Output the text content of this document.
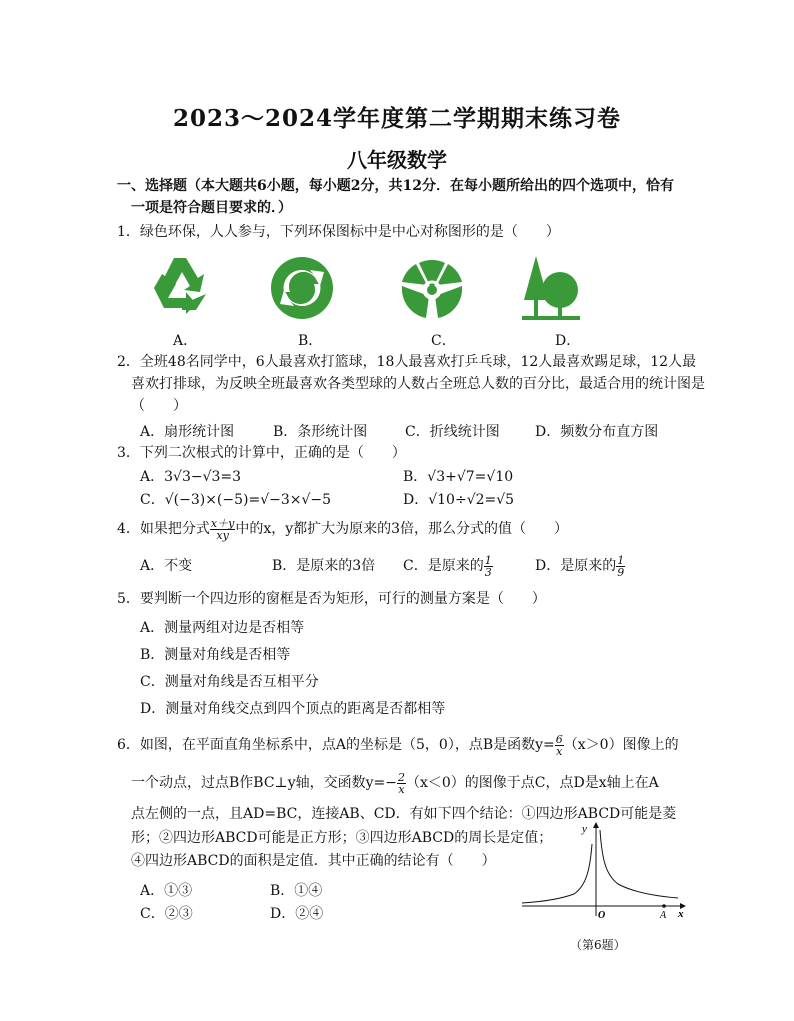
2023～2024学年度第二学期期末练习卷
八年级数学
一、选择题（本大题共6小题，每小题2分，共12分．在每小题所给出的四个选项中，恰有
一项是符合题目要求的．）
1．绿色环保，人人参与，下列环保图标中是中心对称图形的是（　　）
A．	B．	C．	D．
2．全班48名同学中，6人最喜欢打篮球，18人最喜欢打乒乓球，12人最喜欢踢足球，12人最
喜欢打排球，为反映全班最喜欢各类型球的人数占全班总人数的百分比，最适合用的统计图是
（　　）
A．扇形统计图	B．条形统计图	C．折线统计图	D．频数分布直方图
3．下列二次根式的计算中，正确的是（　　）
A．3√3−√3=3	B．√3+√7=√10
C．√(−3)×(−5)=√−3×√−5	D．√10÷√2=√5
4．如果把分式 $\frac{x+y}{xy}$ 中的x，y都扩大为原来的3倍，那么分式的值（　　）
A．不变	B．是原来的3倍 C．是原来的 $\frac{1}{3}$	D．是原来的 $\frac{1}{9}$
5．要判断一个四边形的窗框是否为矩形，可行的测量方案是（　　）
A．测量两组对边是否相等
B．测量对角线是否相等
C．测量对角线是否互相平分
D．测量对角线交点到四个顶点的距离是否都相等
6．如图，在平面直角坐标系中，点A的坐标是（5，0），点B是函数$y= \frac{6}{x} (x>0)$图像上的
一个动点，过点B作BC⊥y轴，交函数$y=- \frac{2}{x} (x<0)$的图像于点C，点D是x轴上在A
点左侧的一点，且AD=BC，连接AB、CD．有如下四个结论：①四边形ABCD可能是菱
形；②四边形ABCD可能是正方形；③四边形ABCD的周长是定值；
④四边形ABCD的面积是定值．其中正确的结论有（　　）
A．①③	B．①④
C．②③	D．②④
y
x
O	A
（第6题）
